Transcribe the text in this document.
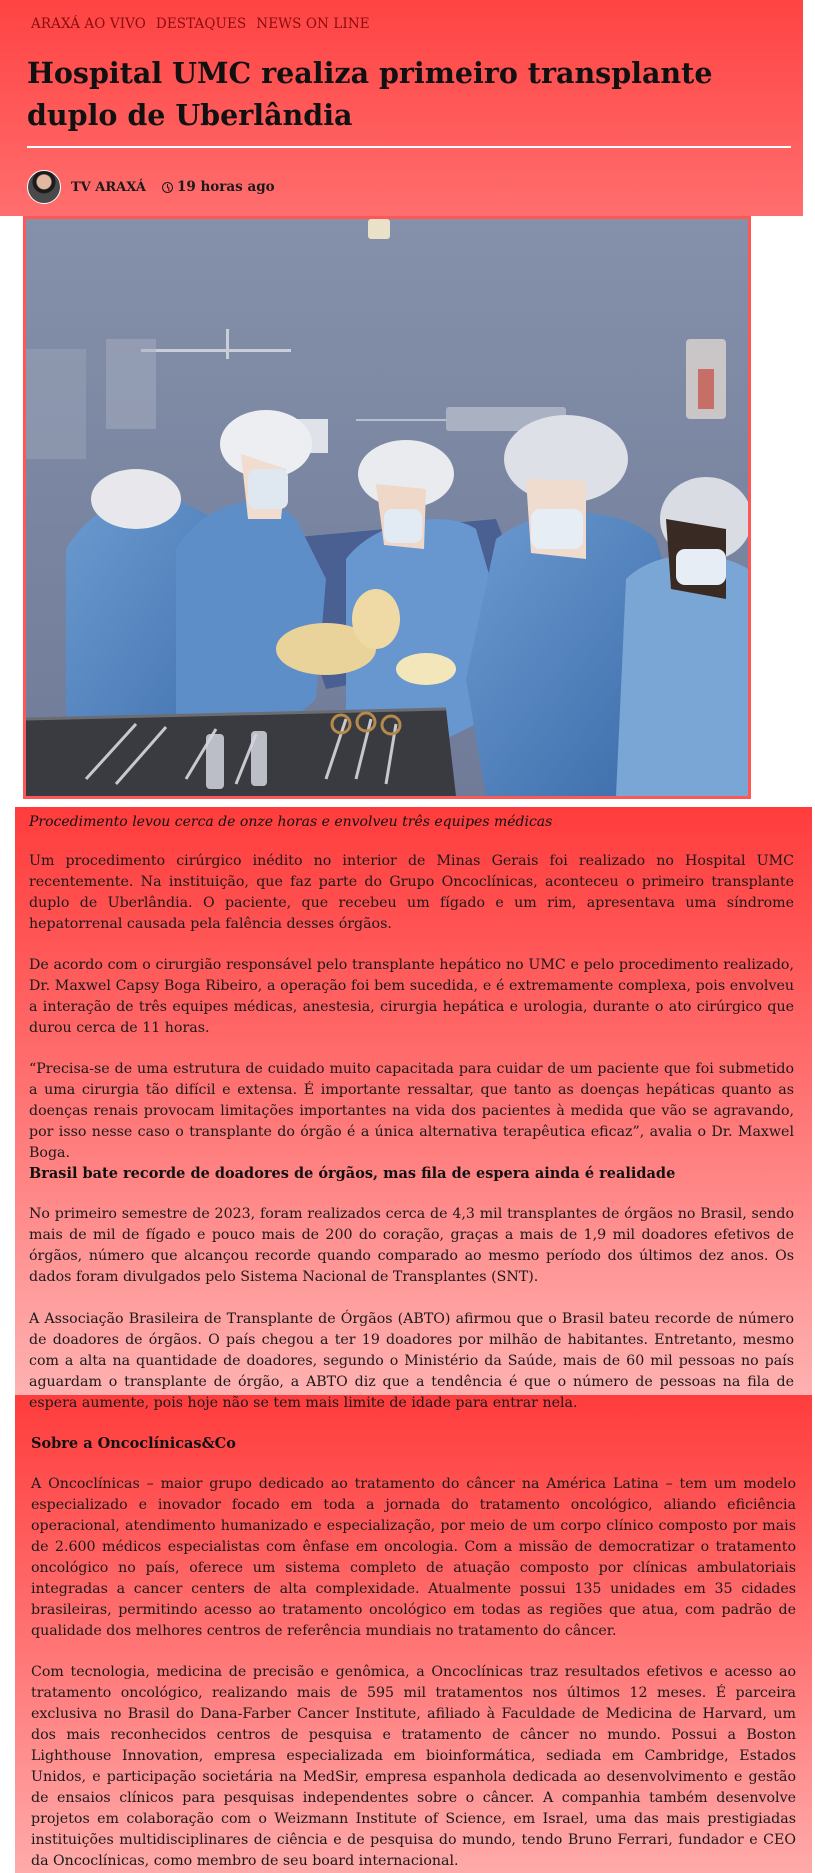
ARAXÁ AO VIVO DESTAQUES NEWS ON LINE
Hospital UMC realiza primeiro transplante duplo de Uberlândia
TV ARAXÁ 19 horas ago

Procedimento levou cerca de onze horas e envolveu três equipes médicas

Um procedimento cirúrgico inédito no interior de Minas Gerais foi realizado no Hospital UMC recentemente. Na instituição, que faz parte do Grupo Oncoclínicas, aconteceu o primeiro transplante duplo de Uberlândia. O paciente, que recebeu um fígado e um rim, apresentava uma síndrome hepatorrenal causada pela falência desses órgãos.

De acordo com o cirurgião responsável pelo transplante hepático no UMC e pelo procedimento realizado, Dr. Maxwel Capsy Boga Ribeiro, a operação foi bem sucedida, e é extremamente complexa, pois envolveu a interação de três equipes médicas, anestesia, cirurgia hepática e urologia, durante o ato cirúrgico que durou cerca de 11 horas.

“Precisa-se de uma estrutura de cuidado muito capacitada para cuidar de um paciente que foi submetido a uma cirurgia tão difícil e extensa. É importante ressaltar, que tanto as doenças hepáticas quanto as doenças renais provocam limitações importantes na vida dos pacientes à medida que vão se agravando, por isso nesse caso o transplante do órgão é a única alternativa terapêutica eficaz”, avalia o Dr. Maxwel Boga.

Brasil bate recorde de doadores de órgãos, mas fila de espera ainda é realidade

No primeiro semestre de 2023, foram realizados cerca de 4,3 mil transplantes de órgãos no Brasil, sendo mais de mil de fígado e pouco mais de 200 do coração, graças a mais de 1,9 mil doadores efetivos de órgãos, número que alcançou recorde quando comparado ao mesmo período dos últimos dez anos. Os dados foram divulgados pelo Sistema Nacional de Transplantes (SNT).

A Associação Brasileira de Transplante de Órgãos (ABTO) afirmou que o Brasil bateu recorde de número de doadores de órgãos. O país chegou a ter 19 doadores por milhão de habitantes. Entretanto, mesmo com a alta na quantidade de doadores, segundo o Ministério da Saúde, mais de 60 mil pessoas no país aguardam o transplante de órgão, a ABTO diz que a tendência é que o número de pessoas na fila de espera aumente, pois hoje não se tem mais limite de idade para entrar nela.

Sobre a Oncoclínicas&Co

A Oncoclínicas – maior grupo dedicado ao tratamento do câncer na América Latina – tem um modelo especializado e inovador focado em toda a jornada do tratamento oncológico, aliando eficiência operacional, atendimento humanizado e especialização, por meio de um corpo clínico composto por mais de 2.600 médicos especialistas com ênfase em oncologia. Com a missão de democratizar o tratamento oncológico no país, oferece um sistema completo de atuação composto por clínicas ambulatoriais integradas a cancer centers de alta complexidade. Atualmente possui 135 unidades em 35 cidades brasileiras, permitindo acesso ao tratamento oncológico em todas as regiões que atua, com padrão de qualidade dos melhores centros de referência mundiais no tratamento do câncer.

Com tecnologia, medicina de precisão e genômica, a Oncoclínicas traz resultados efetivos e acesso ao tratamento oncológico, realizando mais de 595 mil tratamentos nos últimos 12 meses. É parceira exclusiva no Brasil do Dana-Farber Cancer Institute, afiliado à Faculdade de Medicina de Harvard, um dos mais reconhecidos centros de pesquisa e tratamento de câncer no mundo. Possui a Boston Lighthouse Innovation, empresa especializada em bioinformática, sediada em Cambridge, Estados Unidos, e participação societária na MedSir, empresa espanhola dedicada ao desenvolvimento e gestão de ensaios clínicos para pesquisas independentes sobre o câncer. A companhia também desenvolve projetos em colaboração com o Weizmann Institute of Science, em Israel, uma das mais prestigiadas instituições multidisciplinares de ciência e de pesquisa do mundo, tendo Bruno Ferrari, fundador e CEO da Oncoclínicas, como membro de seu board internacional.
